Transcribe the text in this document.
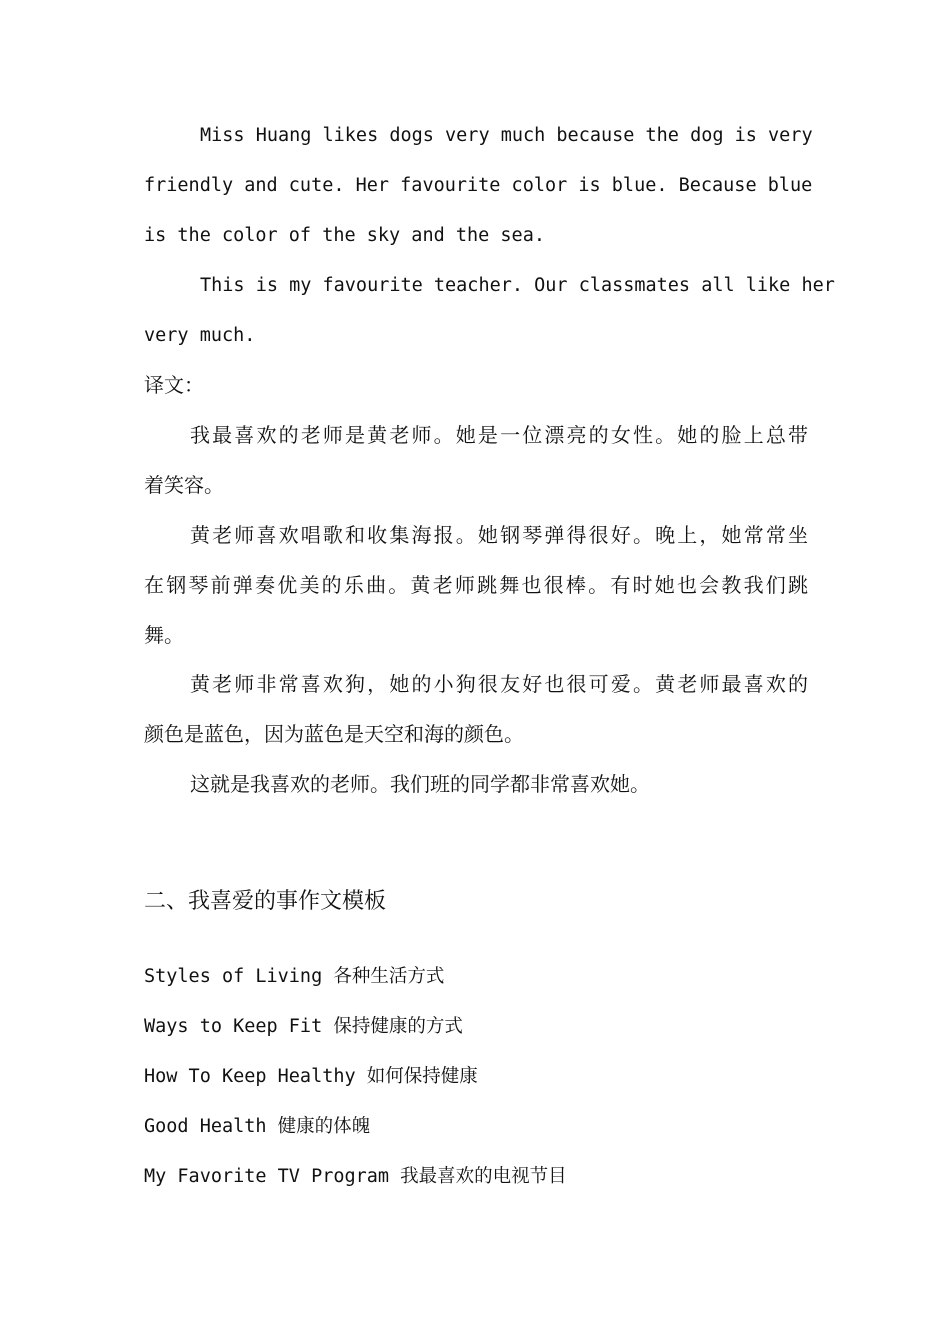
Miss Huang likes dogs very much because the dog is very
friendly and cute. Her favourite color is blue. Because blue
is the color of the sky and the sea.
This is my favourite teacher. Our classmates all like her
very much.
译文：
我最喜欢的老师是黄老师。她是一位漂亮的女性。她的脸上总带
着笑容。
黄老师喜欢唱歌和收集海报。她钢琴弹得很好。晚上，她常常坐
在钢琴前弹奏优美的乐曲。黄老师跳舞也很棒。有时她也会教我们跳
舞。
黄老师非常喜欢狗，她的小狗很友好也很可爱。黄老师最喜欢的
颜色是蓝色，因为蓝色是天空和海的颜色。
这就是我喜欢的老师。我们班的同学都非常喜欢她。
二、我喜爱的事作文模板
Styles of Living 各种生活方式
Ways to Keep Fit 保持健康的方式
How To Keep Healthy 如何保持健康
Good Health 健康的体魄
My Favorite TV Program 我最喜欢的电视节目
